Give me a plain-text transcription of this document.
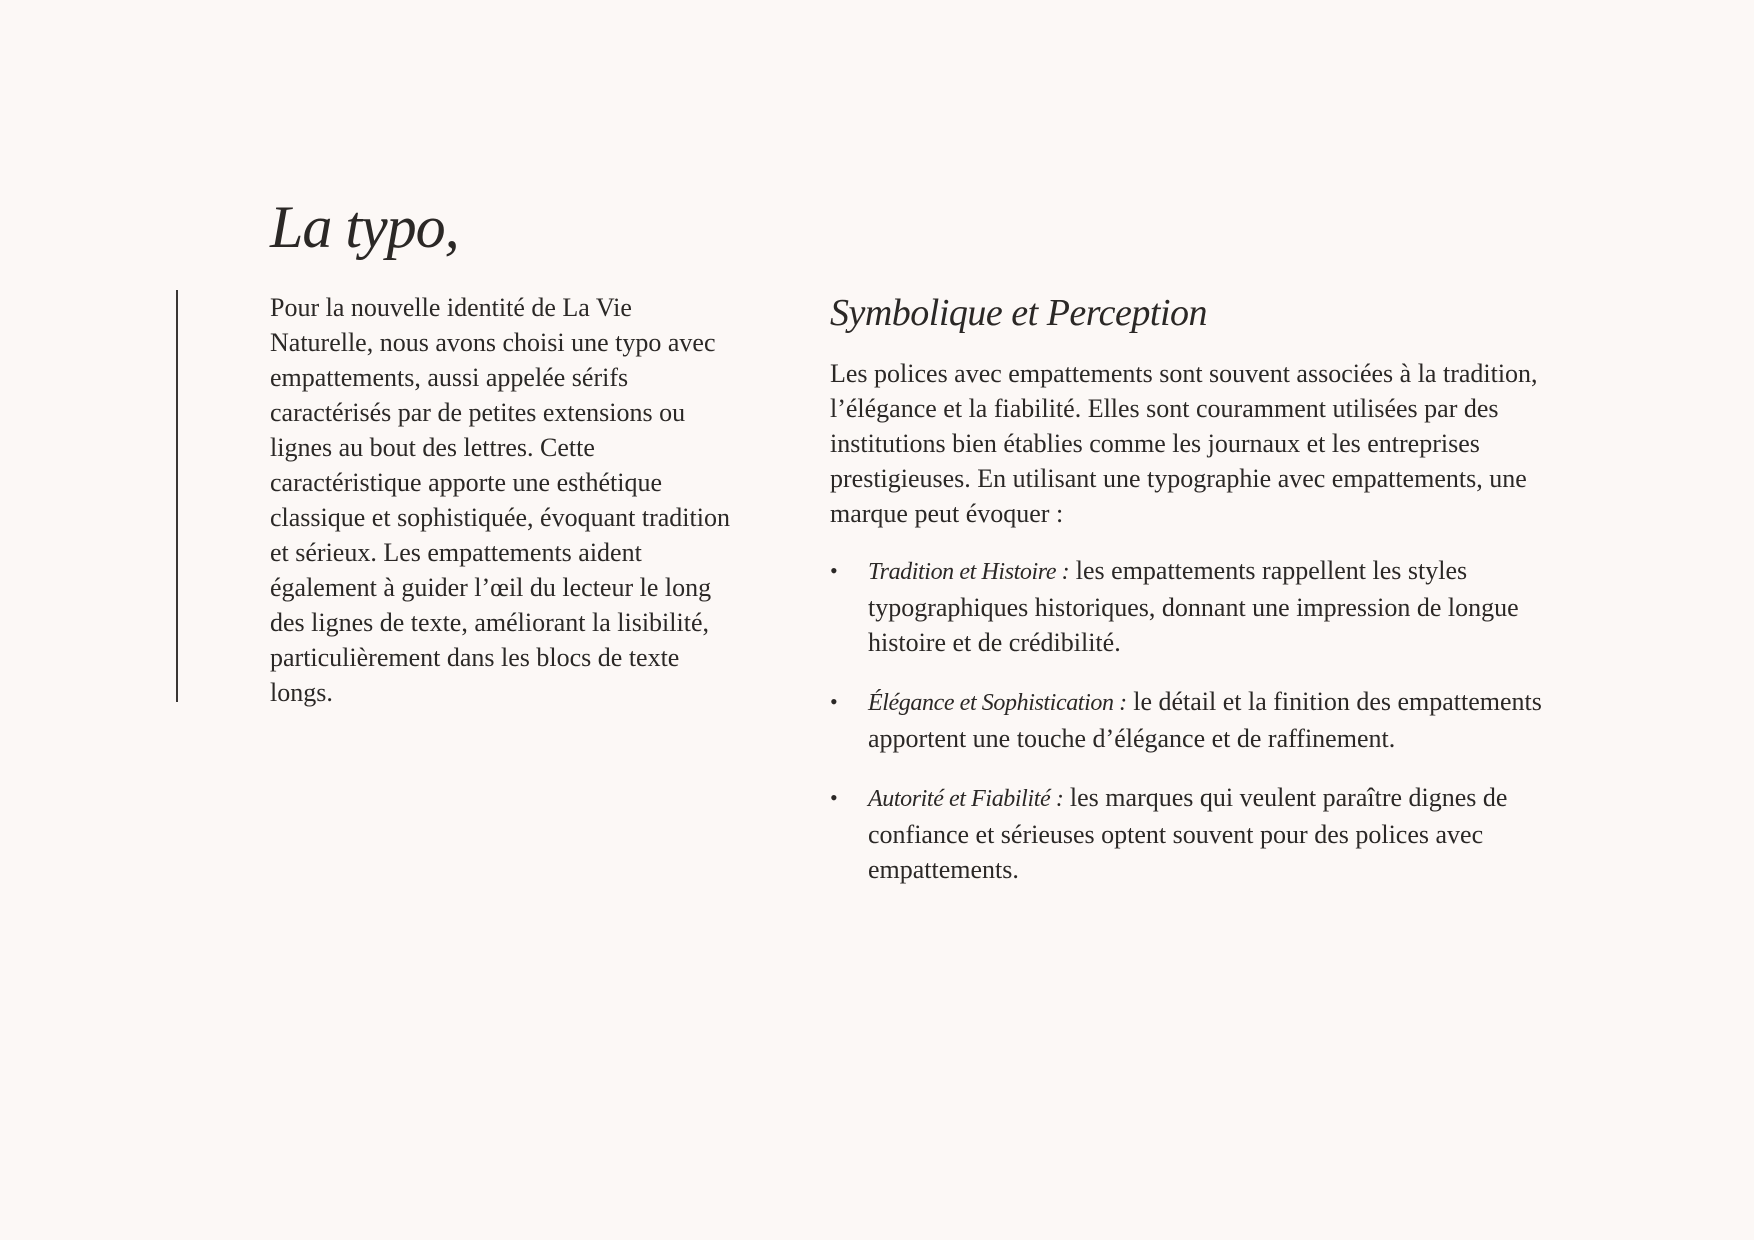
La typo,

Pour la nouvelle identité de La Vie Naturelle, nous avons choisi une typo avec empattements, aussi appelée sérifs caractérisés par de petites extensions ou lignes au bout des lettres. Cette caractéristique apporte une esthétique classique et sophistiquée, évoquant tradition et sérieux. Les empattements aident également à guider l’œil du lecteur le long des lignes de texte, améliorant la lisibilité, particulièrement dans les blocs de texte longs.

Symbolique et Perception

Les polices avec empattements sont souvent associées à la tradition, l’élégance et la fiabilité. Elles sont couramment utilisées par des institutions bien établies comme les journaux et les entreprises prestigieuses. En utilisant une typographie avec empattements, une marque peut évoquer :

• Tradition et Histoire : les empattements rappellent les styles typographiques historiques, donnant une impression de longue histoire et de crédibilité.
• Élégance et Sophistication : le détail et la finition des empattements apportent une touche d’élégance et de raffinement.
• Autorité et Fiabilité : les marques qui veulent paraître dignes de confiance et sérieuses optent souvent pour des polices avec empattements.
